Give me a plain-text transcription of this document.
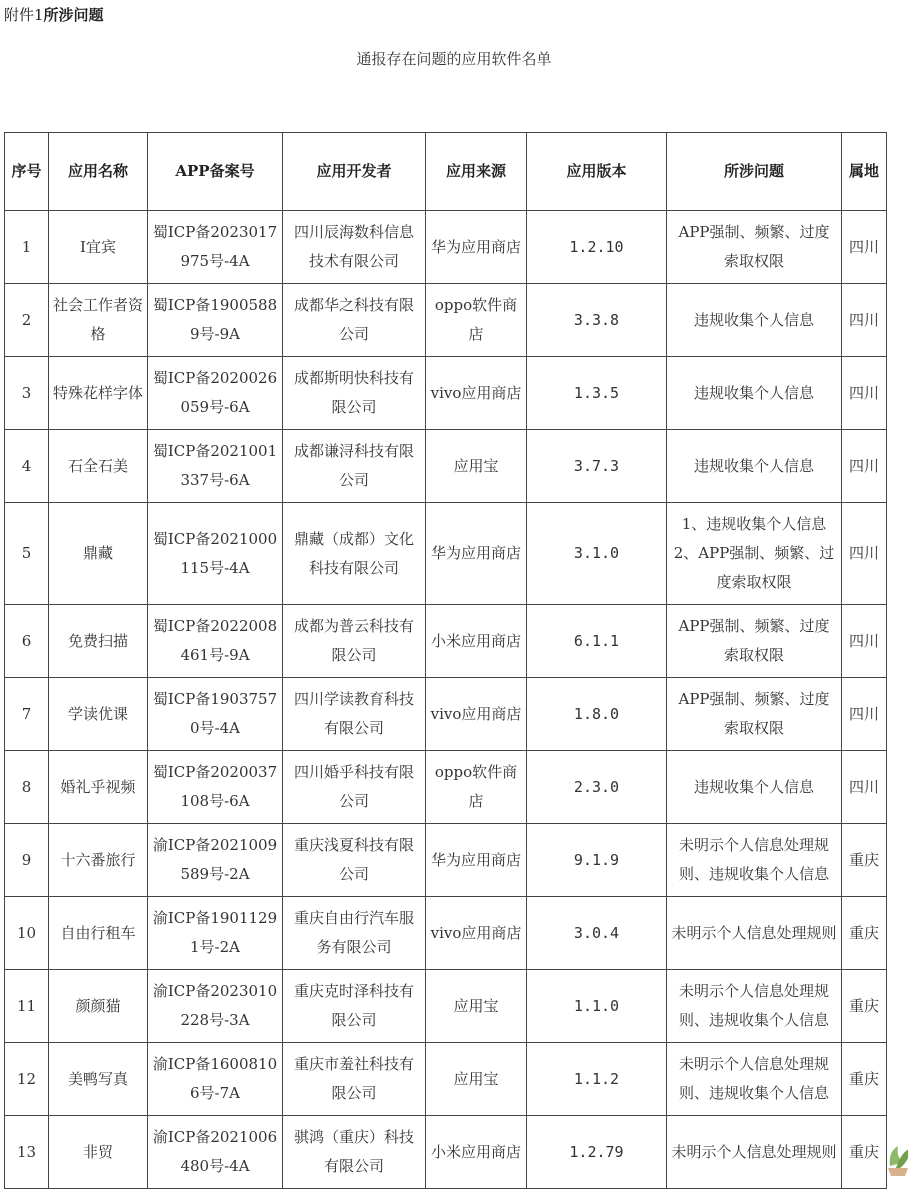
附件1所涉问题
通报存在问题的应用软件名单
序号	应用名称	APP备案号	应用开发者	应用来源	应用版本	所涉问题	属地
1	I宜宾	蜀ICP备2023017975号-4A	四川辰海数科信息技术有限公司	华为应用商店	1.2.10	APP强制、频繁、过度索取权限	四川
2	社会工作者资格	蜀ICP备19005889号-9A	成都华之科技有限公司	oppo软件商店	3.3.8	违规收集个人信息	四川
3	特殊花样字体	蜀ICP备2020026059号-6A	成都斯明快科技有限公司	vivo应用商店	1.3.5	违规收集个人信息	四川
4	石全石美	蜀ICP备2021001337号-6A	成都谦浔科技有限公司	应用宝	3.7.3	违规收集个人信息	四川
5	鼎藏	蜀ICP备2021000115号-4A	鼎藏（成都）文化科技有限公司	华为应用商店	3.1.0	1、违规收集个人信息2、APP强制、频繁、过度索取权限	四川
6	免费扫描	蜀ICP备2022008461号-9A	成都为普云科技有限公司	小米应用商店	6.1.1	APP强制、频繁、过度索取权限	四川
7	学读优课	蜀ICP备19037570号-4A	四川学读教育科技有限公司	vivo应用商店	1.8.0	APP强制、频繁、过度索取权限	四川
8	婚礼乎视频	蜀ICP备2020037108号-6A	四川婚乎科技有限公司	oppo软件商店	2.3.0	违规收集个人信息	四川
9	十六番旅行	渝ICP备2021009589号-2A	重庆浅夏科技有限公司	华为应用商店	9.1.9	未明示个人信息处理规则、违规收集个人信息	重庆
10	自由行租车	渝ICP备19011291号-2A	重庆自由行汽车服务有限公司	vivo应用商店	3.0.4	未明示个人信息处理规则	重庆
11	颜颜猫	渝ICP备2023010228号-3A	重庆克时泽科技有限公司	应用宝	1.1.0	未明示个人信息处理规则、违规收集个人信息	重庆
12	美鸭写真	渝ICP备16008106号-7A	重庆市羞社科技有限公司	应用宝	1.1.2	未明示个人信息处理规则、违规收集个人信息	重庆
13	非贸	渝ICP备2021006480号-4A	骐鸿（重庆）科技有限公司	小米应用商店	1.2.79	未明示个人信息处理规则	重庆
